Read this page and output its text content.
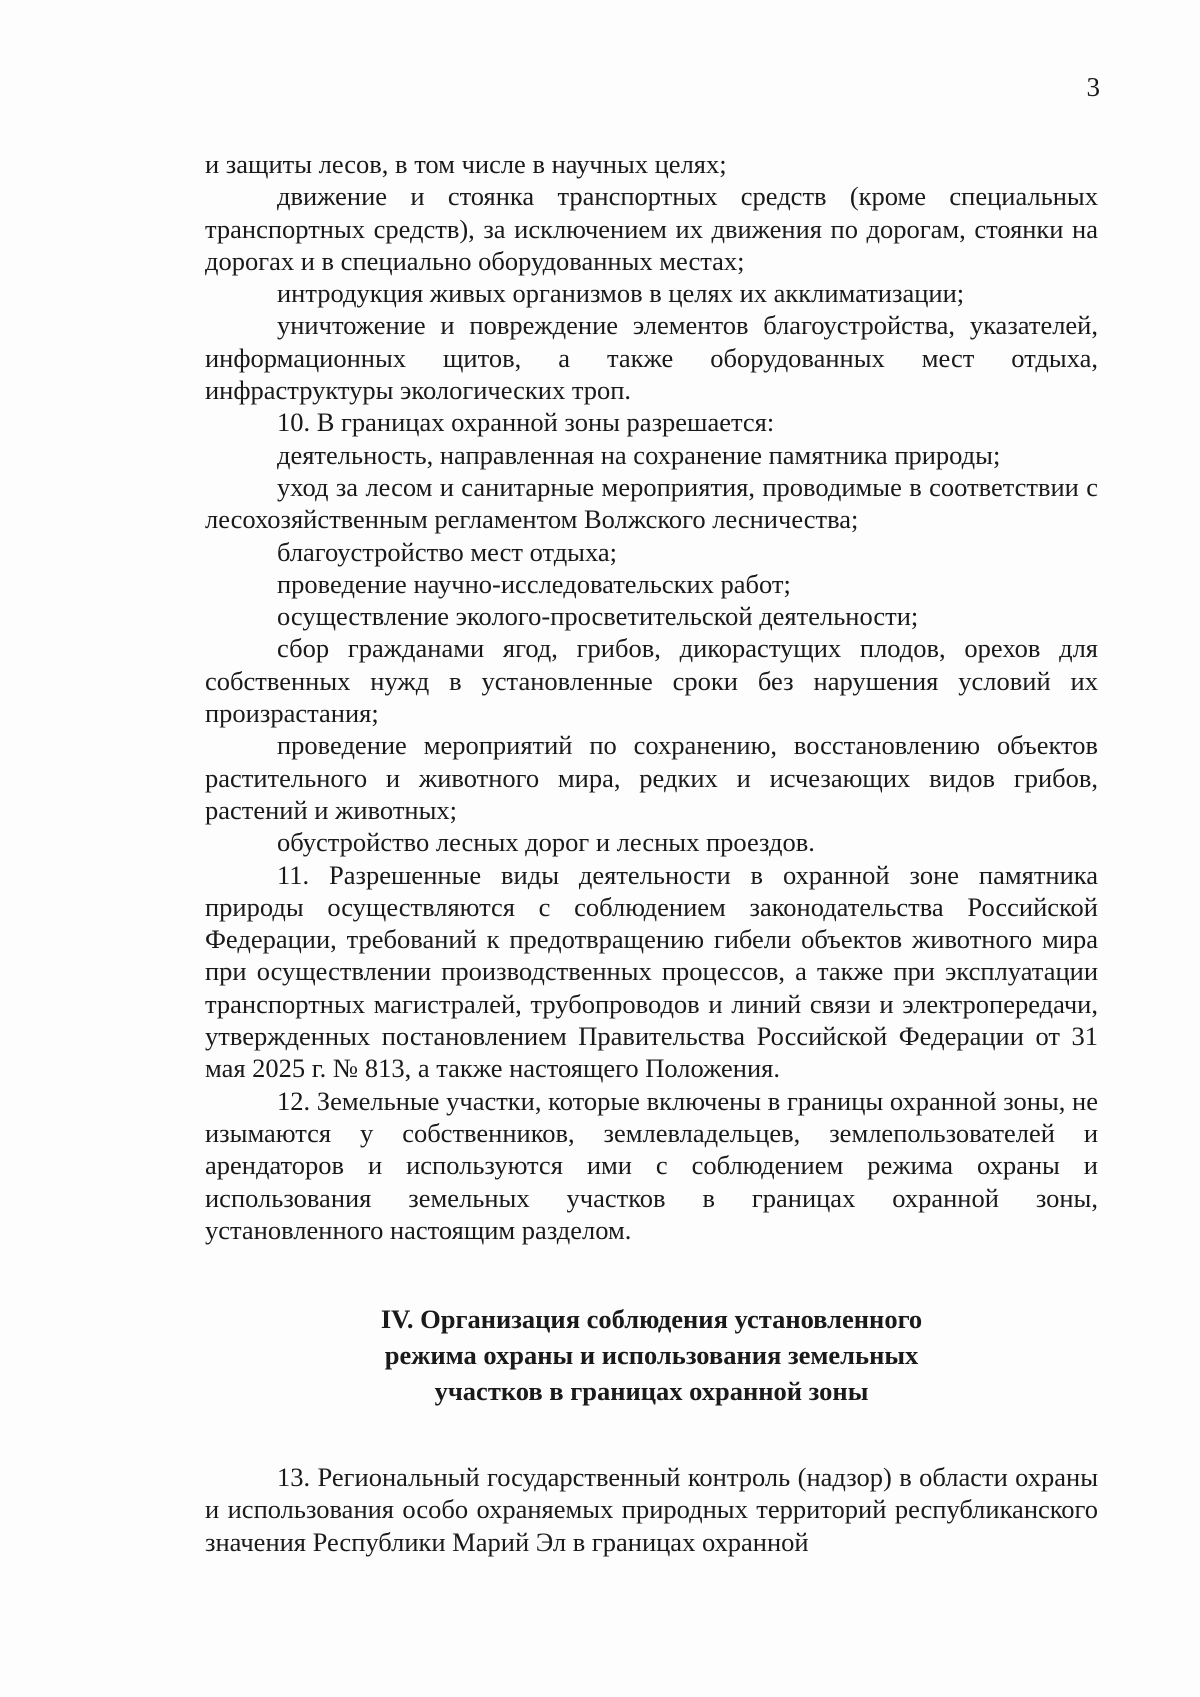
3

и защиты лесов, в том числе в научных целях;

движение и стоянка транспортных средств (кроме специальных транспортных средств), за исключением их движения по дорогам, стоянки на дорогах и в специально оборудованных местах;

интродукция живых организмов в целях их акклиматизации;

уничтожение и повреждение элементов благоустройства, указателей, информационных щитов, а также оборудованных мест отдыха, инфраструктуры экологических троп.

10. В границах охранной зоны разрешается:

деятельность, направленная на сохранение памятника природы;

уход за лесом и санитарные мероприятия, проводимые в соответствии с лесохозяйственным регламентом Волжского лесничества;

благоустройство мест отдыха;

проведение научно-исследовательских работ;

осуществление эколого-просветительской деятельности;

сбор гражданами ягод, грибов, дикорастущих плодов, орехов для собственных нужд в установленные сроки без нарушения условий их произрастания;

проведение мероприятий по сохранению, восстановлению объектов растительного и животного мира, редких и исчезающих видов грибов, растений и животных;

обустройство лесных дорог и лесных проездов.

11. Разрешенные виды деятельности в охранной зоне памятника природы осуществляются с соблюдением законодательства Российской Федерации, требований к предотвращению гибели объектов животного мира при осуществлении производственных процессов, а также при эксплуатации транспортных магистралей, трубопроводов и линий связи и электропередачи, утвержденных постановлением Правительства Российской Федерации от 31 мая 2025 г. № 813, а также настоящего Положения.

12. Земельные участки, которые включены в границы охранной зоны, не изымаются у собственников, землевладельцев, землепользователей и арендаторов и используются ими с соблюдением режима охраны и использования земельных участков в границах охранной зоны, установленного настоящим разделом.

IV. Организация соблюдения установленного
режима охраны и использования земельных
участков в границах охранной зоны

13. Региональный государственный контроль (надзор) в области охраны и использования особо охраняемых природных территорий республиканского значения Республики Марий Эл в границах охранной
